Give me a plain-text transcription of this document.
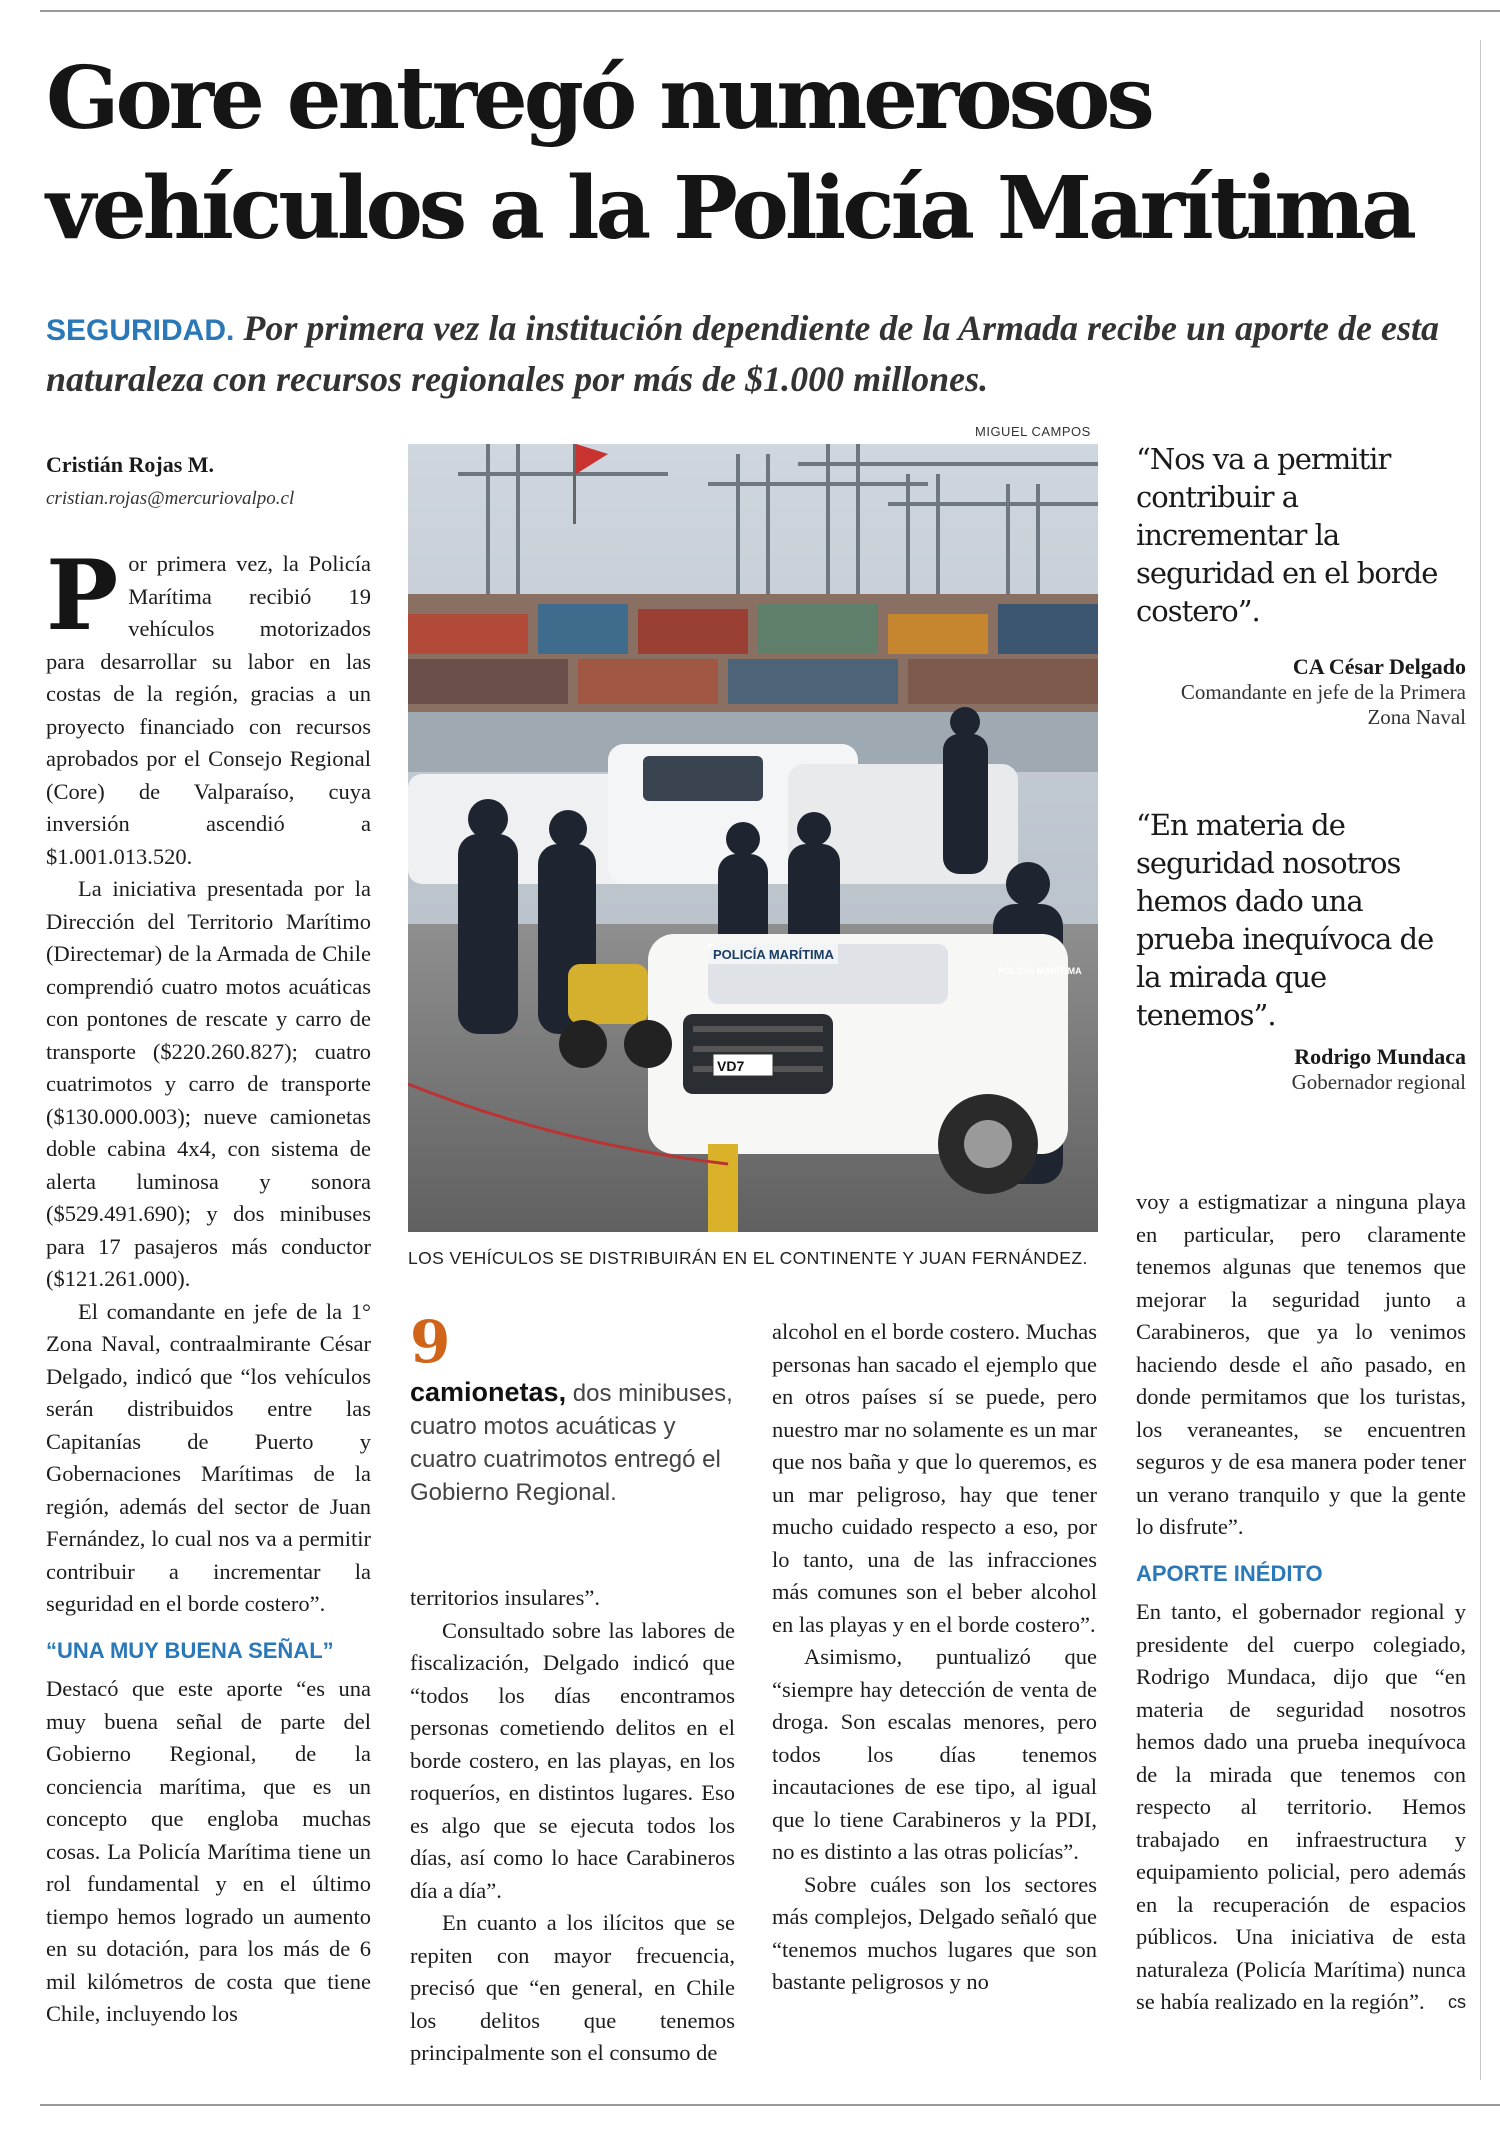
Gore entregó numerosos vehículos a la Policía Marítima
SEGURIDAD. Por primera vez la institución dependiente de la Armada recibe un aporte de esta naturaleza con recursos regionales por más de $1.000 millones.
Cristián Rojas M.
cristian.rojas@mercuriovalpo.cl
P or primera vez, la Policía Marítima recibió 19 vehículos motorizados para desarrollar su labor en las costas de la región, gracias a un proyecto financiado con recursos aprobados por el Consejo Regional (Core) de Valparaíso, cuya inversión ascendió a $1.001.013.520.

La iniciativa presentada por la Dirección del Territorio Marítimo (Directemar) de la Armada de Chile comprendió cuatro motos acuáticas con pontones de rescate y carro de transporte ($220.260.827); cuatro cuatrimotos y carro de transporte ($130.000.003); nueve camionetas doble cabina 4x4, con sistema de alerta luminosa y sonora ($529.491.690); y dos minibuses para 17 pasajeros más conductor ($121.261.000).

El comandante en jefe de la 1° Zona Naval, contraalmirante César Delgado, indicó que “los vehículos serán distribuidos entre las Capitanías de Puerto y Gobernaciones Marítimas de la región, además del sector de Juan Fernández, lo cual nos va a permitir contribuir a incrementar la seguridad en el borde costero”.

“UNA MUY BUENA SEÑAL”

Destacó que este aporte “es una muy buena señal de parte del Gobierno Regional, de la conciencia marítima, que es un concepto que engloba muchas cosas. La Policía Marítima tiene un rol fundamental y en el último tiempo hemos logrado un aumento en su dotación, para los más de 6 mil kilómetros de costa que tiene Chile, incluyendo los

MIGUEL CAMPOS
VD7
POLICÍA MARÍTIMA
POLICÍA MARÍTIMA
LOS VEHÍCULOS SE DISTRIBUIRÁN EN EL CONTINENTE Y JUAN FERNÁNDEZ.
9
camionetas, dos minibuses, cuatro motos acuáticas y cuatro cuatrimotos entregó el Gobierno Regional.

territorios insulares”.

Consultado sobre las labores de fiscalización, Delgado indicó que “todos los días encontramos personas cometiendo delitos en el borde costero, en las playas, en los roqueríos, en distintos lugares. Eso es algo que se ejecuta todos los días, así como lo hace Carabineros día a día”.

En cuanto a los ilícitos que se repiten con mayor frecuencia, precisó que “en general, en Chile los delitos que tenemos principalmente son el consumo de

alcohol en el borde costero. Muchas personas han sacado el ejemplo que en otros países sí se puede, pero nuestro mar no solamente es un mar que nos baña y que lo queremos, es un mar peligroso, hay que tener mucho cuidado respecto a eso, por lo tanto, una de las infracciones más comunes son el beber alcohol en las playas y en el borde costero”.

Asimismo, puntualizó que “siempre hay detección de venta de droga. Son escalas menores, pero todos los días tenemos incautaciones de ese tipo, al igual que lo tiene Carabineros y la PDI, no es distinto a las otras policías”.

Sobre cuáles son los sectores más complejos, Delgado señaló que “tenemos muchos lugares que son bastante peligrosos y no

“Nos va a permitir contribuir a incrementar la seguridad en el borde costero”.
CA César Delgado
Comandante en jefe de la Primera Zona Naval
“En materia de seguridad nosotros hemos dado una prueba inequívoca de la mirada que tenemos”.
Rodrigo Mundaca
Gobernador regional

voy a estigmatizar a ninguna playa en particular, pero claramente tenemos algunas que tenemos que mejorar la seguridad junto a Carabineros, que ya lo venimos haciendo desde el año pasado, en donde permitamos que los turistas, los veraneantes, se encuentren seguros y de esa manera poder tener un verano tranquilo y que la gente lo disfrute”.

APORTE INÉDITO

En tanto, el gobernador regional y presidente del cuerpo colegiado, Rodrigo Mundaca, dijo que “en materia de seguridad nosotros hemos dado una prueba inequívoca de la mirada que tenemos con respecto al territorio. Hemos trabajado en infraestructura y equipamiento policial, pero además en la recuperación de espacios públicos. Una iniciativa de esta naturaleza (Policía Marítima) nunca se había realizado en la región”. cs
